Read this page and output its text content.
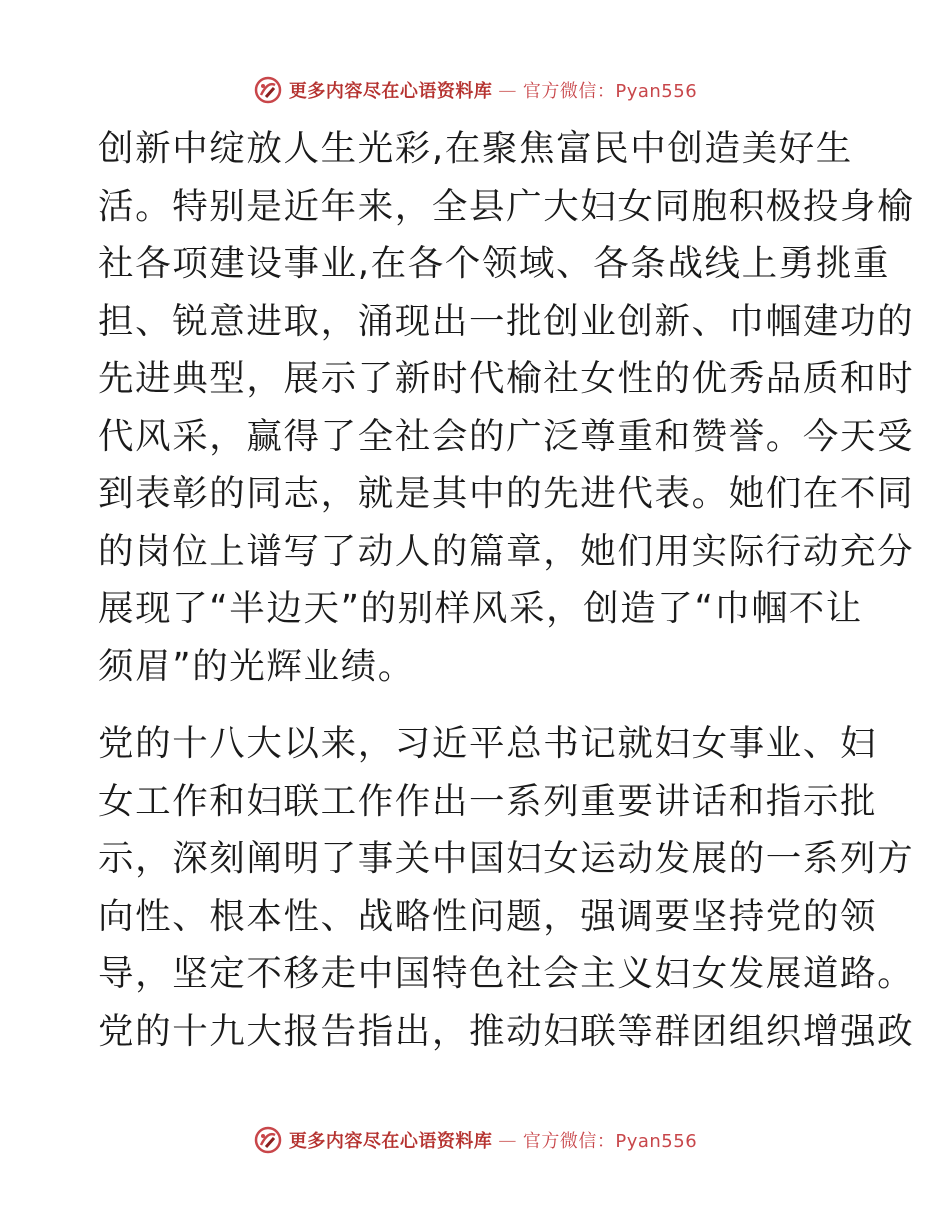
更多内容尽在心语资料库 — 官方微信：Pyan556
创新中绽放人生光彩,在聚焦富民中创造美好生
活。特别是近年来，全县广大妇女同胞积极投身榆
社各项建设事业,在各个领域、各条战线上勇挑重
担、锐意进取，涌现出一批创业创新、巾帼建功的
先进典型，展示了新时代榆社女性的优秀品质和时
代风采，赢得了全社会的广泛尊重和赞誉。今天受
到表彰的同志，就是其中的先进代表。她们在不同
的岗位上谱写了动人的篇章，她们用实际行动充分
展现了“半边天”的别样风采，创造了“巾帼不让
须眉”的光辉业绩。
党的十八大以来，习近平总书记就妇女事业、妇
女工作和妇联工作作出一系列重要讲话和指示批
示，深刻阐明了事关中国妇女运动发展的一系列方
向性、根本性、战略性问题，强调要坚持党的领
导，坚定不移走中国特色社会主义妇女发展道路。
党的十九大报告指出，推动妇联等群团组织增强政
更多内容尽在心语资料库 — 官方微信：Pyan556
